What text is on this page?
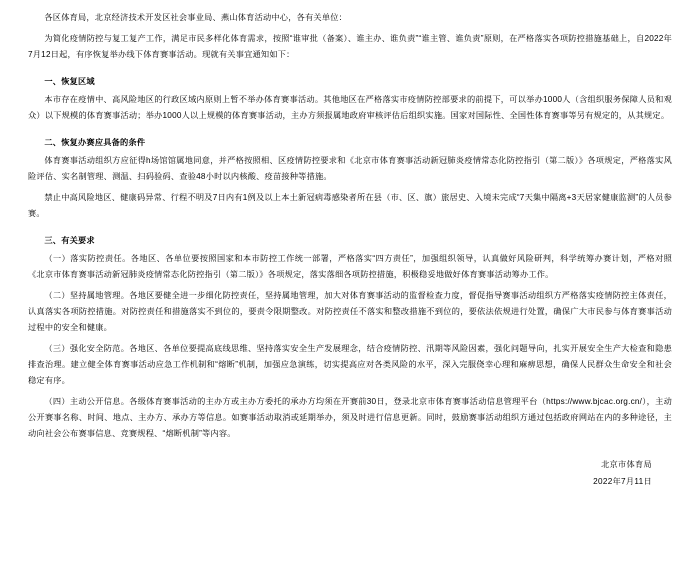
各区体育局，北京经济技术开发区社会事业局、燕山体育活动中心，各有关单位：

为简化疫情防控与复工复产工作，满足市民多样化体育需求，按照“谁审批（备案）、谁主办、谁负责”“谁主管、谁负责”原则，在严格落实各项防控措施基础上，自2022年7月12日起，有序恢复举办线下体育赛事活动。现就有关事宜通知如下：

一、恢复区域

本市存在疫情中、高风险地区的行政区域内原则上暂不举办体育赛事活动。其他地区在严格落实市疫情防控部要求的前提下，可以举办1000人（含组织服务保障人员和观众）以下规模的体育赛事活动；举办1000人以上规模的体育赛事活动，主办方须报属地政府审核评估后组织实施。国家对国际性、全国性体育赛事等另有规定的，从其规定。

二、恢复办赛应具备的条件

体育赛事活动组织方应征得h场馆馆属地同意，并严格按照相、区疫情防控要求和《北京市体育赛事活动新冠肺炎疫情常态化防控指引（第二版）》各项规定，严格落实风险评估、实名制管理、测温、扫码验码、查验48小时以内核酸、疫苗接种等措施。

禁止中高风险地区、健康码异常、行程不明及7日内有1例及以上本土新冠病毒感染者所在县（市、区、旗）旅居史、入境未完成“7天集中隔离+3天居家健康监测”的人员参赛。

三、有关要求

（一）落实防控责任。各地区、各单位要按照国家和本市防控工作统一部署，严格落实“四方责任”，加强组织领导，认真做好风险研判，科学统筹办赛计划，严格对照《北京市体育赛事活动新冠肺炎疫情常态化防控指引（第二版）》各项规定，落实落细各项防控措施，积极稳妥地做好体育赛事活动筹办工作。

（二）坚持属地管理。各地区要健全进一步细化防控责任，坚持属地管理，加大对体育赛事活动的监督检查力度，督促指导赛事活动组织方严格落实疫情防控主体责任，认真落实各项防控措施。对防控责任和措施落实不到位的，要责令限期整改。对防控责任不落实和整改措施不到位的，要依法依规进行处置，确保广大市民参与体育赛事活动过程中的安全和健康。

（三）强化安全防范。各地区、各单位要提高底线思维、坚持落实安全生产发展理念，结合疫情防控、汛期等风险因素，强化问题导向，扎实开展安全生产大检查和隐患排查治理。建立健全体育赛事活动应急工作机制和“熔断”机制，加强应急演练，切实提高应对各类风险的水平，深入完服侥幸心理和麻痹思想，确保人民群众生命安全和社会稳定有序。

（四）主动公开信息。各级体育赛事活动的主办方或主办方委托的承办方均须在开赛前30日，登录北京市体育赛事活动信息管理平台（https://www.bjcac.org.cn/），主动公开赛事名称、时间、地点、主办方、承办方等信息。如赛事活动取消或延期举办，须及时进行信息更新。同时，鼓励赛事活动组织方通过包括政府网站在内的多种途径，主动向社会公布赛事信息、竞赛规程、“熔断机制”等内容。

北京市体育局
2022年7月11日
